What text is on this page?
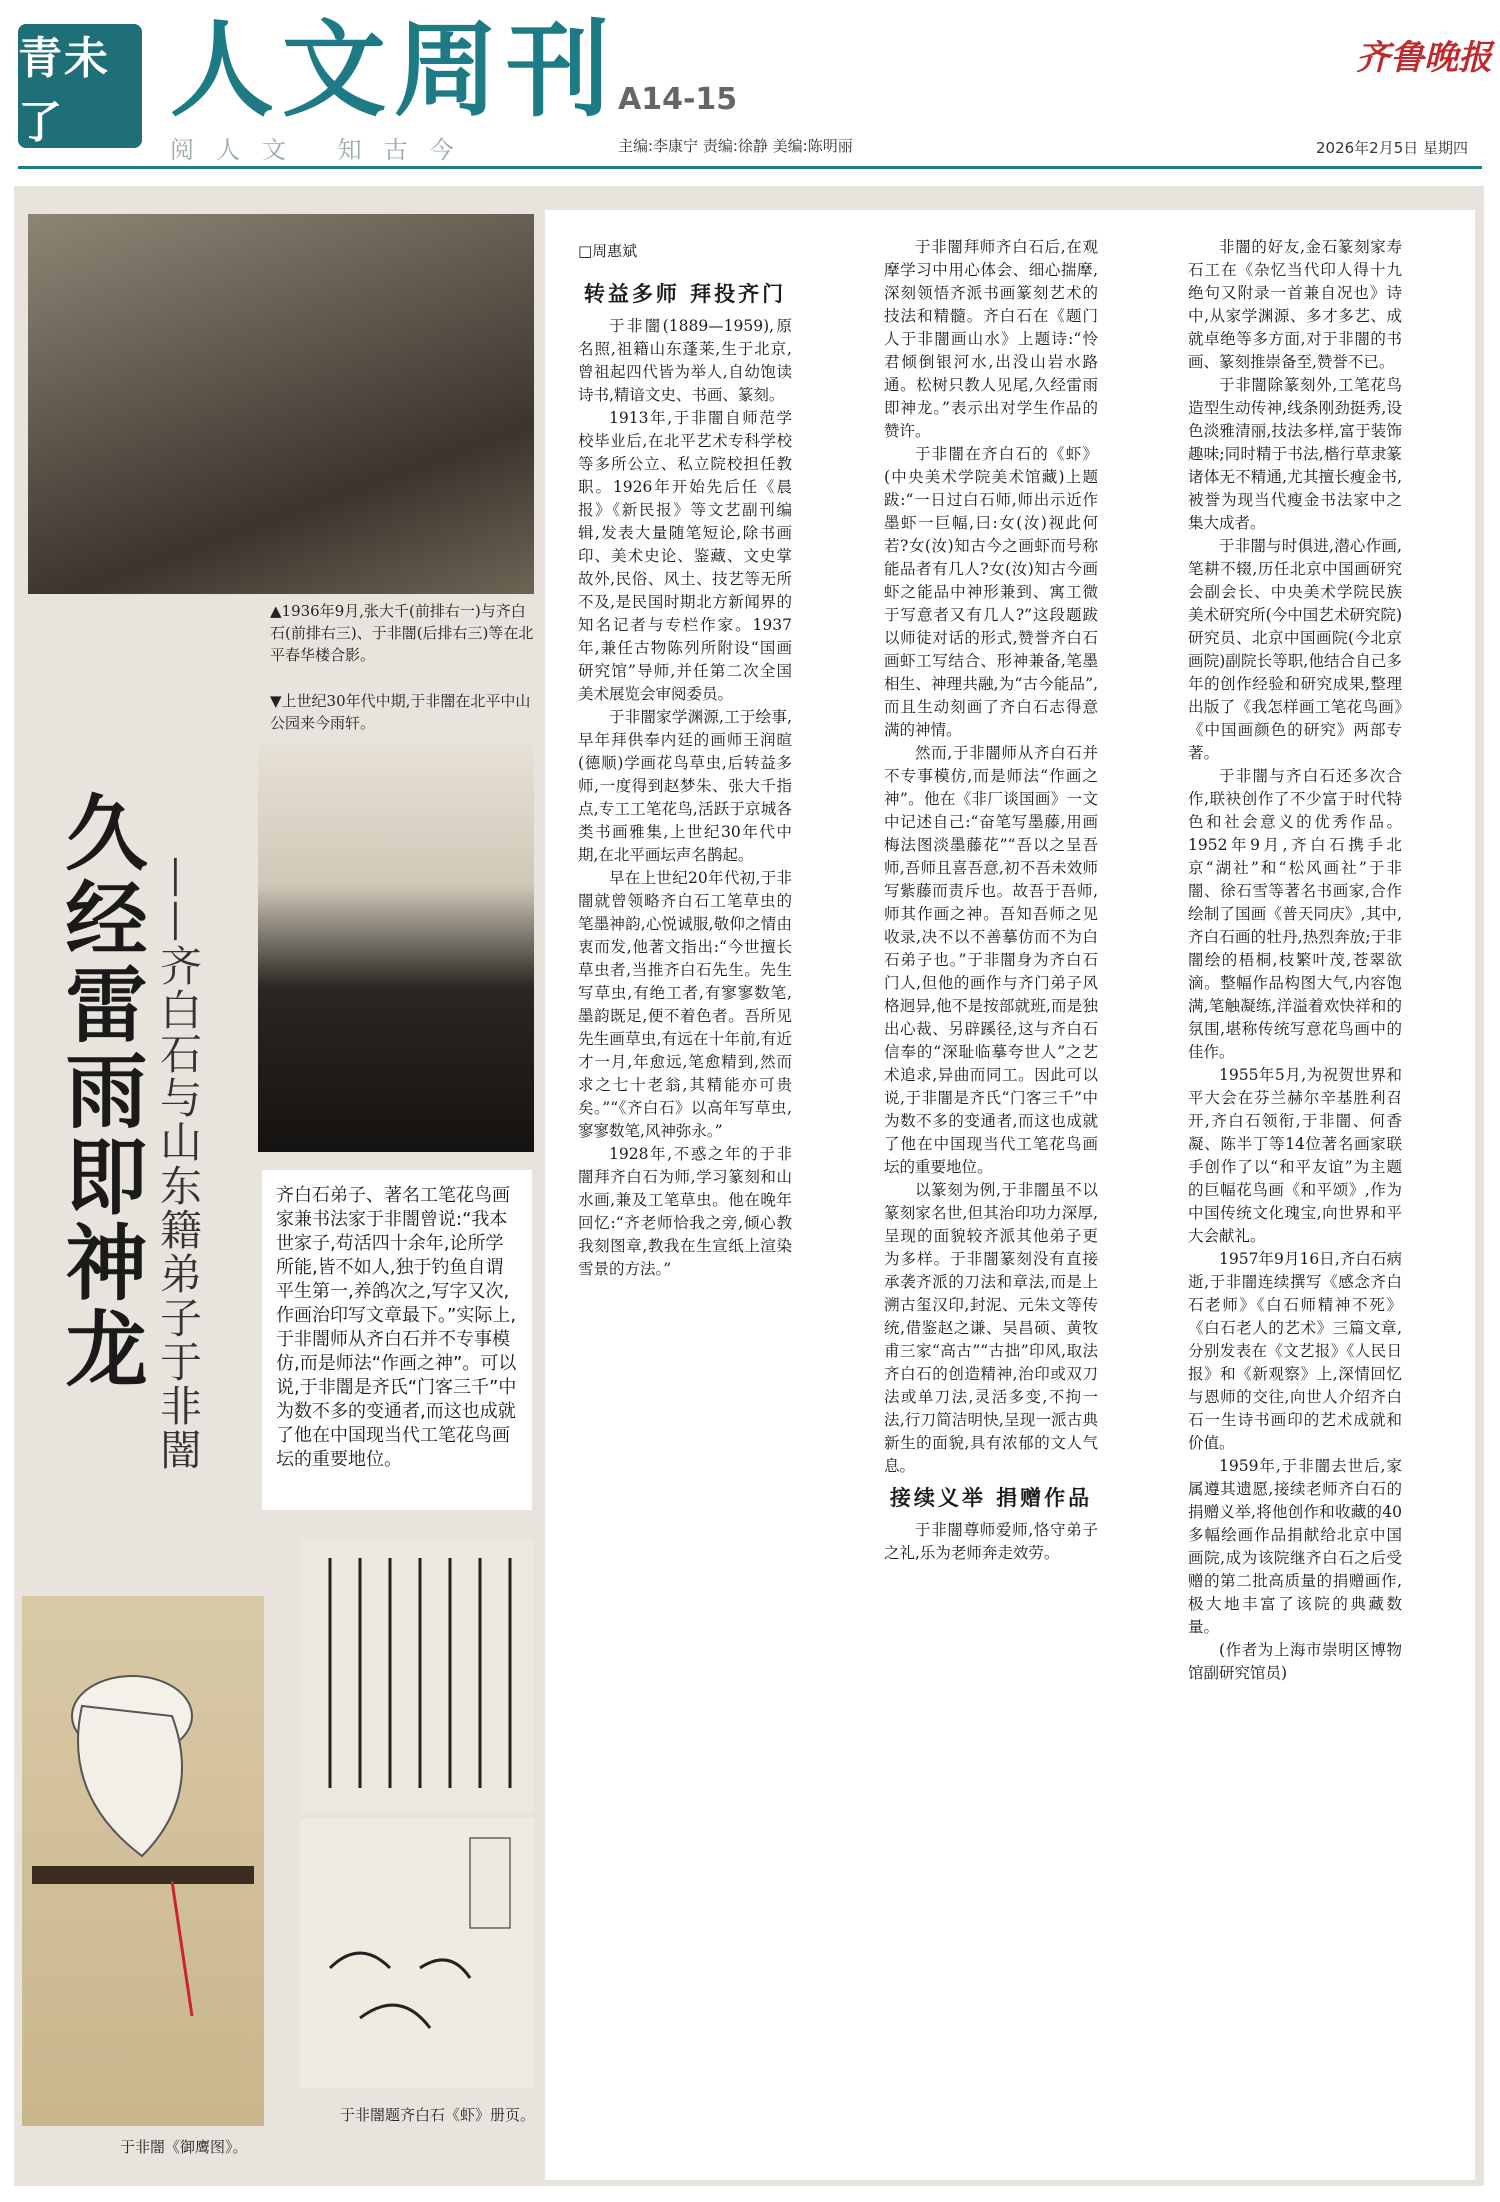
青未了	人文周刊
阅人文 知古今
A14-15
主编:李康宁 责编:徐静 美编:陈明丽
齐鲁晚报
2026年2月5日 星期四
▲1936年9月,张大千(前排右一)与齐白石(前排右三)、于非闇(后排右三)等在北平春华楼合影。
▼上世纪30年代中期,于非闇在北平中山公园来今雨轩。
久经雷雨即神龙 ——齐白石与山东籍弟子于非闇	齐白石弟子、著名工笔花鸟画家兼书法家于非闇曾说:“我本世家子,苟活四十余年,论所学所能,皆不如人,独于钓鱼自谓平生第一,养鸽次之,写字又次,作画治印写文章最下。”实际上,于非闇师从齐白石并不专事模仿,而是师法“作画之神”。可以说,于非闇是齐氏“门客三千”中为数不多的变通者,而这也成就了他在中国现当代工笔花鸟画坛的重要地位。
于非闇《御鹰图》。
于非闇题齐白石《虾》册页。
□周惠斌
转益多师 拜投齐门

于非闇(1889—1959),原名照,祖籍山东蓬莱,生于北京,曾祖起四代皆为举人,自幼饱读诗书,精谙文史、书画、篆刻。

1913年,于非闇自师范学校毕业后,在北平艺术专科学校等多所公立、私立院校担任教职。1926年开始先后任《晨报》《新民报》等文艺副刊编辑,发表大量随笔短论,除书画印、美术史论、鉴藏、文史掌故外,民俗、风土、技艺等无所不及,是民国时期北方新闻界的知名记者与专栏作家。1937年,兼任古物陈列所附设“国画研究馆”导师,并任第二次全国美术展览会审阅委员。

于非闇家学渊源,工于绘事,早年拜供奉内廷的画师王润暄(德顺)学画花鸟草虫,后转益多师,一度得到赵梦朱、张大千指点,专工工笔花鸟,活跃于京城各类书画雅集,上世纪30年代中期,在北平画坛声名鹊起。

早在上世纪20年代初,于非闇就曾领略齐白石工笔草虫的笔墨神韵,心悦诚服,敬仰之情由衷而发,他著文指出:“今世擅长草虫者,当推齐白石先生。先生写草虫,有绝工者,有寥寥数笔,墨韵既足,便不着色者。吾所见先生画草虫,有远在十年前,有近才一月,年愈远,笔愈精到,然而求之七十老翁,其精能亦可贵矣。”“《齐白石》以高年写草虫,寥寥数笔,风神弥永。”

1928年,不惑之年的于非闇拜齐白石为师,学习篆刻和山水画,兼及工笔草虫。他在晚年回忆:“齐老师恰我之旁,倾心教我刻图章,教我在生宣纸上渲染雪景的方法。”

于非闇拜师齐白石后,在观摩学习中用心体会、细心揣摩,深刻领悟齐派书画篆刻艺术的技法和精髓。齐白石在《题门人于非闇画山水》上题诗:“怜君倾倒银河水,出没山岩水路通。松树只教人见尾,久经雷雨即神龙。”表示出对学生作品的赞许。

于非闇在齐白石的《虾》(中央美术学院美术馆藏)上题跋:“一日过白石师,师出示近作墨虾一巨幅,曰:女(汝)视此何若?女(汝)知古今之画虾而号称能品者有几人?女(汝)知古今画虾之能品中神形兼到、寓工微于写意者又有几人?”这段题跋以师徒对话的形式,赞誉齐白石画虾工写结合、形神兼备,笔墨相生、神理共融,为“古今能品”,而且生动刻画了齐白石志得意满的神情。

然而,于非闇师从齐白石并不专事模仿,而是师法“作画之神”。他在《非厂谈国画》一文中记述自己:“奋笔写墨藤,用画梅法图淡墨藤花”“吾以之呈吾师,吾师且喜吾意,初不吾未效师写紫藤而责斥也。故吾于吾师,师其作画之神。吾知吾师之见收录,决不以不善摹仿而不为白石弟子也。”于非闇身为齐白石门人,但他的画作与齐门弟子风格迥异,他不是按部就班,而是独出心裁、另辟蹊径,这与齐白石信奉的“深耻临摹夸世人”之艺术追求,异曲而同工。因此可以说,于非闇是齐氏“门客三千”中为数不多的变通者,而这也成就了他在中国现当代工笔花鸟画坛的重要地位。

以篆刻为例,于非闇虽不以篆刻家名世,但其治印功力深厚,呈现的面貌较齐派其他弟子更为多样。于非闇篆刻没有直接承袭齐派的刀法和章法,而是上溯古玺汉印,封泥、元朱文等传统,借鉴赵之谦、吴昌硕、黄牧甫三家“高古”“古拙”印风,取法齐白石的创造精神,治印或双刀法或单刀法,灵活多变,不拘一法,行刀简洁明快,呈现一派古典新生的面貌,具有浓郁的文人气息。

接续义举 捐赠作品

于非闇尊师爱师,恪守弟子之礼,乐为老师奔走效劳。

非闇的好友,金石篆刻家寿石工在《杂忆当代印人得十九绝句又附录一首兼自况也》诗中,从家学渊源、多才多艺、成就卓绝等多方面,对于非闇的书画、篆刻推崇备至,赞誉不已。

于非闇除篆刻外,工笔花鸟造型生动传神,线条刚劲挺秀,设色淡雅清丽,技法多样,富于装饰趣味;同时精于书法,楷行草隶篆诸体无不精通,尤其擅长瘦金书,被誉为现当代瘦金书法家中之集大成者。

于非闇与时俱进,潜心作画,笔耕不辍,历任北京中国画研究会副会长、中央美术学院民族美术研究所(今中国艺术研究院)研究员、北京中国画院(今北京画院)副院长等职,他结合自己多年的创作经验和研究成果,整理出版了《我怎样画工笔花鸟画》《中国画颜色的研究》两部专著。

于非闇与齐白石还多次合作,联袂创作了不少富于时代特色和社会意义的优秀作品。1952年9月,齐白石携手北京“湖社”和“松风画社”于非闇、徐石雪等著名书画家,合作绘制了国画《普天同庆》,其中,齐白石画的牡丹,热烈奔放;于非闇绘的梧桐,枝繁叶茂,苍翠欲滴。整幅作品构图大气,内容饱满,笔触凝练,洋溢着欢快祥和的氛围,堪称传统写意花鸟画中的佳作。

1955年5月,为祝贺世界和平大会在芬兰赫尔辛基胜利召开,齐白石领衔,于非闇、何香凝、陈半丁等14位著名画家联手创作了以“和平友谊”为主题的巨幅花鸟画《和平颂》,作为中国传统文化瑰宝,向世界和平大会献礼。

1957年9月16日,齐白石病逝,于非闇连续撰写《感念齐白石老师》《白石师精神不死》《白石老人的艺术》三篇文章,分别发表在《文艺报》《人民日报》和《新观察》上,深情回忆与恩师的交往,向世人介绍齐白石一生诗书画印的艺术成就和价值。

1959年,于非闇去世后,家属遵其遗愿,接续老师齐白石的捐赠义举,将他创作和收藏的40多幅绘画作品捐献给北京中国画院,成为该院继齐白石之后受赠的第二批高质量的捐赠画作,极大地丰富了该院的典藏数量。

(作者为上海市崇明区博物馆副研究馆员)
